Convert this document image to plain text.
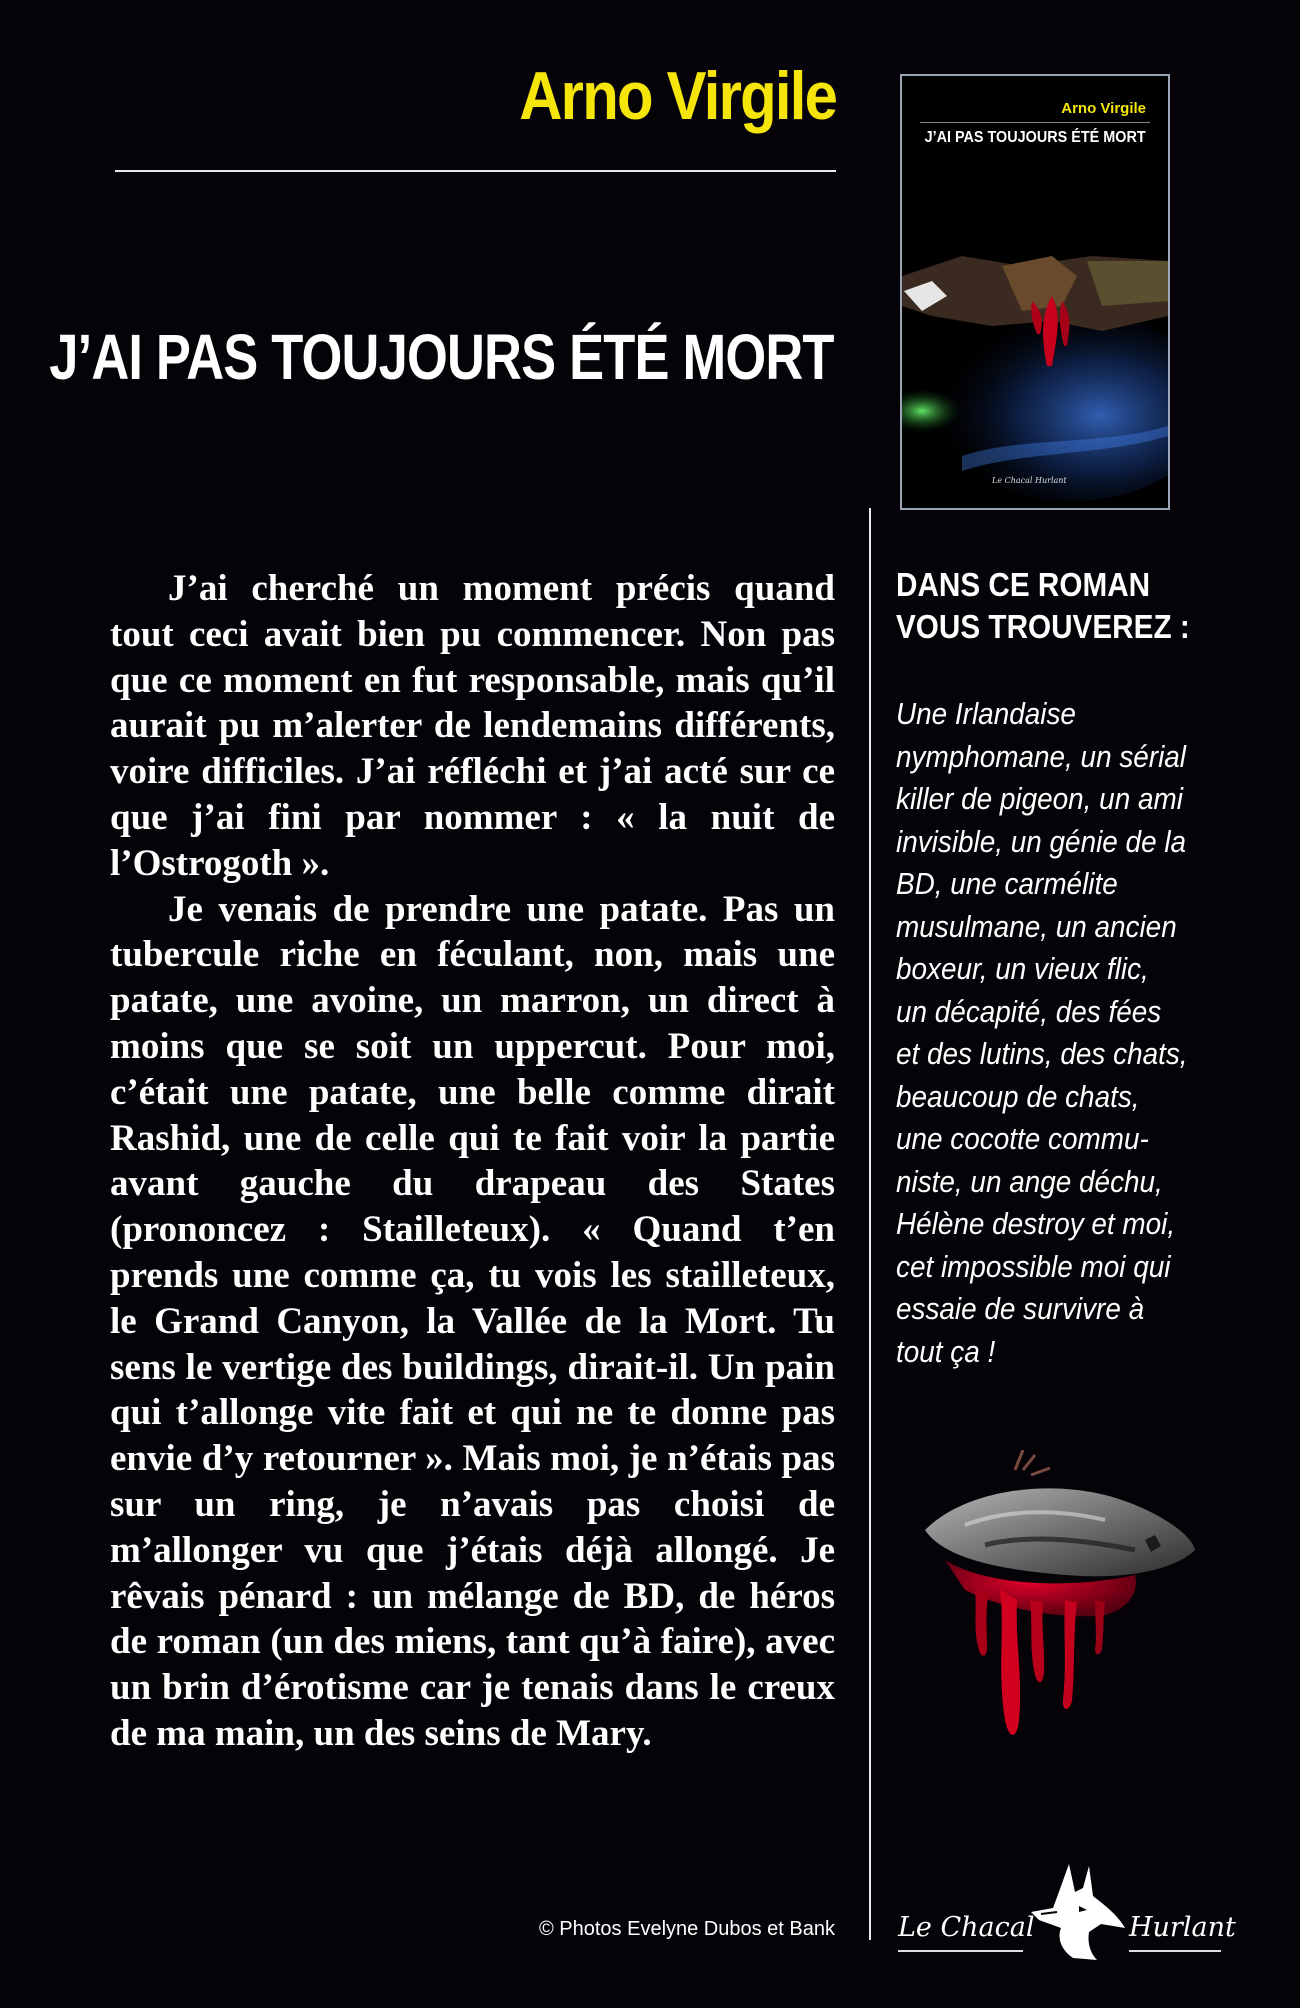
Arno Virgile
J’AI PAS TOUJOURS ÉTÉ MORT

Arno Virgile

J’AI PAS TOUJOURS ÉTÉ MORT

Le Chacal Hurlant

J’ai cherché un moment précis quand tout ceci avait bien pu commencer. Non pas que ce moment en fut responsable, mais qu’il aurait pu m’alerter de lendemains différents, voire difficiles. J’ai réfléchi et j’ai acté sur ce que j’ai fini par nommer : « la nuit de l’Ostrogoth ».

Je venais de prendre une patate. Pas un tubercule riche en féculant, non, mais une patate, une avoine, un marron, un direct à moins que se soit un uppercut. Pour moi, c’était une patate, une belle comme dirait Rashid, une de celle qui te fait voir la partie avant gauche du drapeau des States (prononcez : Stailleteux). « Quand t’en prends une comme ça, tu vois les stailleteux, le Grand Canyon, la Vallée de la Mort. Tu sens le vertige des buildings, dirait-il. Un pain qui t’allonge vite fait et qui ne te donne pas envie d’y retourner ». Mais moi, je n’étais pas sur un ring, je n’avais pas choisi de m’allonger vu que j’étais déjà allongé. Je rêvais pénard : un mélange de BD, de héros de roman (un des miens, tant qu’à faire), avec un brin d’érotisme car je tenais dans le creux de ma main, un des seins de Mary.

DANS CE ROMAN
VOUS TROUVEREZ :

Une Irlandaise
nymphomane, un sérial
killer de pigeon, un ami
invisible, un génie de la
BD, une carmélite
musulmane, un ancien
boxeur, un vieux flic,
un décapité, des fées
et des lutins, des chats,
beaucoup de chats,
une cocotte commu-
niste, un ange déchu,
Hélène destroy et moi,
cet impossible moi qui
essaie de survivre à
tout ça !

© Photos Evelyne Dubos et Bank Le Chacal	Hurlant
